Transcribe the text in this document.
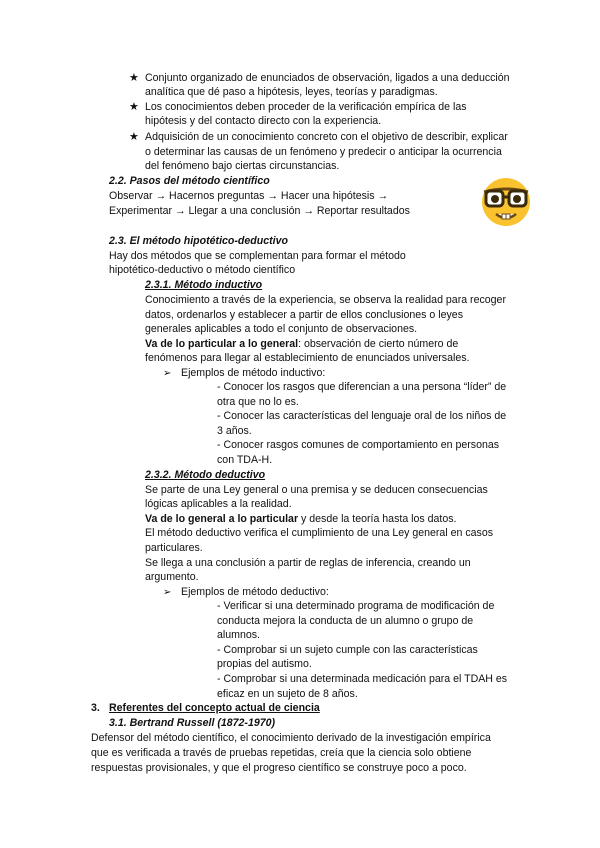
★ Conjunto organizado de enunciados de observación, ligados a una deducción
analítica que dé paso a hipótesis, leyes, teorías y paradigmas.
★ Los conocimientos deben proceder de la verificación empírica de las
hipótesis y del contacto directo con la experiencia.
★ Adquisición de un conocimiento concreto con el objetivo de describir, explicar
o determinar las causas de un fenómeno y predecir o anticipar la ocurrencia
del fenómeno bajo ciertas circunstancias.
2.2. Pasos del método científico
Observar → Hacernos preguntas → Hacer una hipótesis →
Experimentar → Llegar a una conclusión → Reportar resultados
2.3. El método hipotético-deductivo
Hay dos métodos que se complementan para formar el método
hipotético-deductivo o método científico
2.3.1. Método inductivo
Conocimiento a través de la experiencia, se observa la realidad para recoger
datos, ordenarlos y establecer a partir de ellos conclusiones o leyes
generales aplicables a todo el conjunto de observaciones.
Va de lo particular a lo general: observación de cierto número de
fenómenos para llegar al establecimiento de enunciados universales.
➢ Ejemplos de método inductivo:
- Conocer los rasgos que diferencian a una persona “líder” de
otra que no lo es.
- Conocer las características del lenguaje oral de los niños de
3 años.
- Conocer rasgos comunes de comportamiento en personas
con TDA-H.
2.3.2. Método deductivo
Se parte de una Ley general o una premisa y se deducen consecuencias
lógicas aplicables a la realidad.
Va de lo general a lo particular y desde la teoría hasta los datos.
El método deductivo verifica el cumplimiento de una Ley general en casos
particulares.
Se llega a una conclusión a partir de reglas de inferencia, creando un
argumento.
➢ Ejemplos de método deductivo:
- Verificar si una determinado programa de modificación de
conducta mejora la conducta de un alumno o grupo de
alumnos.
- Comprobar si un sujeto cumple con las características
propias del autismo.
- Comprobar si una determinada medicación para el TDAH es
eficaz en un sujeto de 8 años.
3. Referentes del concepto actual de ciencia
3.1. Bertrand Russell (1872-1970)
Defensor del método científico, el conocimiento derivado de la investigación empírica
que es verificada a través de pruebas repetidas, creía que la ciencia solo obtiene
respuestas provisionales, y que el progreso científico se construye poco a poco.
